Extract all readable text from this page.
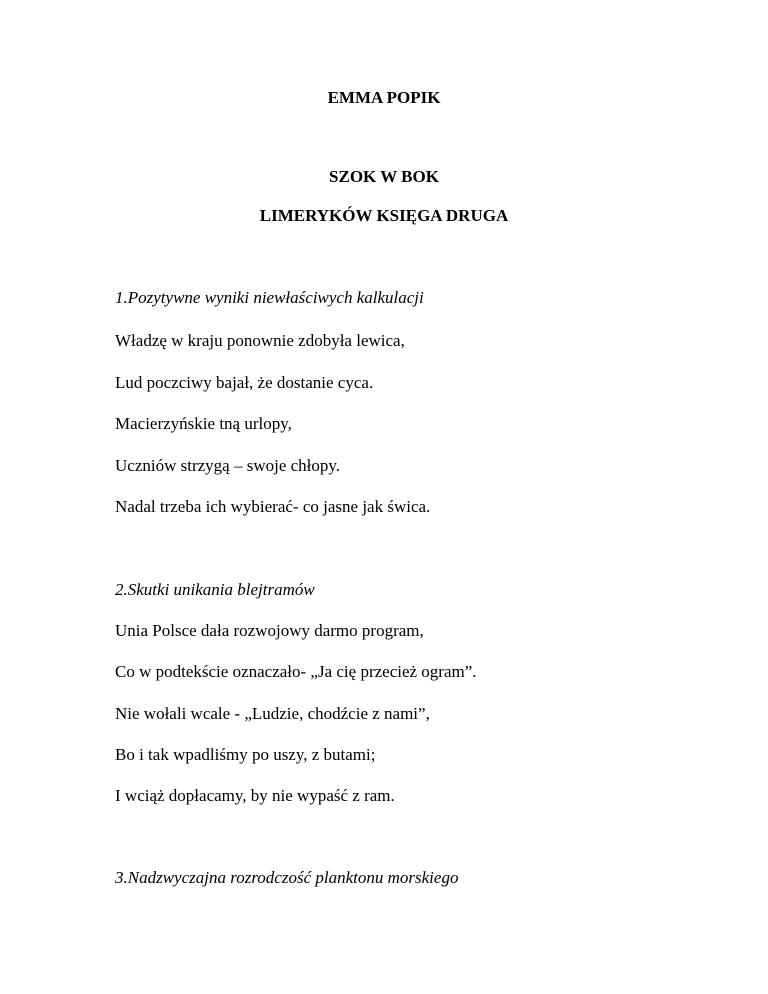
EMMA POPIK
SZOK W BOK
LIMERYKÓW KSIĘGA DRUGA
1.Pozytywne wyniki niewłaściwych kalkulacji
Władzę w kraju ponownie zdobyła lewica,
Lud poczciwy bajał, że dostanie cyca.
Macierzyńskie tną urlopy,
Uczniów strzygą – swoje chłopy.
Nadal trzeba ich wybierać- co jasne jak świca.
2.Skutki unikania blejtramów
Unia Polsce dała rozwojowy darmo program,
Co w podtekście oznaczało- „Ja cię przecież ogram”.
Nie wołali wcale - „Ludzie, chodźcie z nami”,
Bo i tak wpadliśmy po uszy, z butami;
I wciąż dopłacamy, by nie wypaść z ram.
3.Nadzwyczajna rozrodczość planktonu morskiego
